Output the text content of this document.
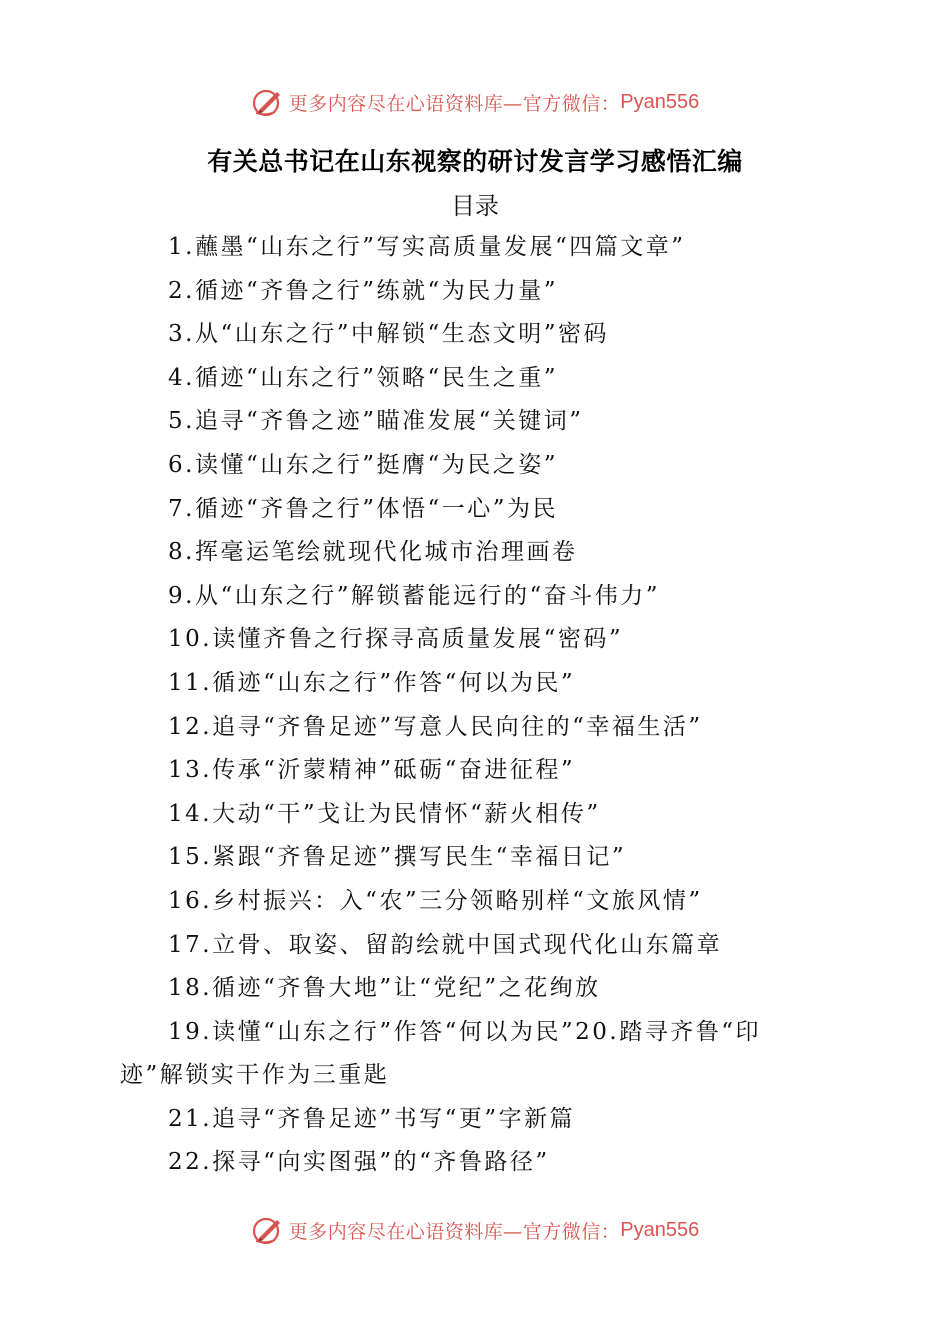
更多内容尽在心语资料库—官方微信： Pyan556
有关总书记在山东视察的研讨发言学习感悟汇编
目录
1.蘸墨“山东之行”写实高质量发展“四篇文章”
2.循迹“齐鲁之行”练就“为民力量”
3.从“山东之行”中解锁“生态文明”密码
4.循迹“山东之行”领略“民生之重”
5.追寻“齐鲁之迹”瞄准发展“关键词”
6.读懂“山东之行”挺膺“为民之姿”
7.循迹“齐鲁之行”体悟“一心”为民
8.挥毫运笔绘就现代化城市治理画卷
9.从“山东之行”解锁蓄能远行的“奋斗伟力”
10.读懂齐鲁之行探寻高质量发展“密码”
11.循迹“山东之行”作答“何以为民”
12.追寻“齐鲁足迹”写意人民向往的“幸福生活”
13.传承“沂蒙精神”砥砺“奋进征程”
14.大动“干”戈让为民情怀“薪火相传”
15.紧跟“齐鲁足迹”撰写民生“幸福日记”
16.乡村振兴：入“农”三分领略别样“文旅风情”
17.立骨、取姿、留韵绘就中国式现代化山东篇章
18.循迹“齐鲁大地”让“党纪”之花绚放
19.读懂“山东之行”作答“何以为民”20.踏寻齐鲁“印迹”解锁实干作为三重匙
21.追寻“齐鲁足迹”书写“更”字新篇
22.探寻“向实图强”的“齐鲁路径”
更多内容尽在心语资料库—官方微信： Pyan556
